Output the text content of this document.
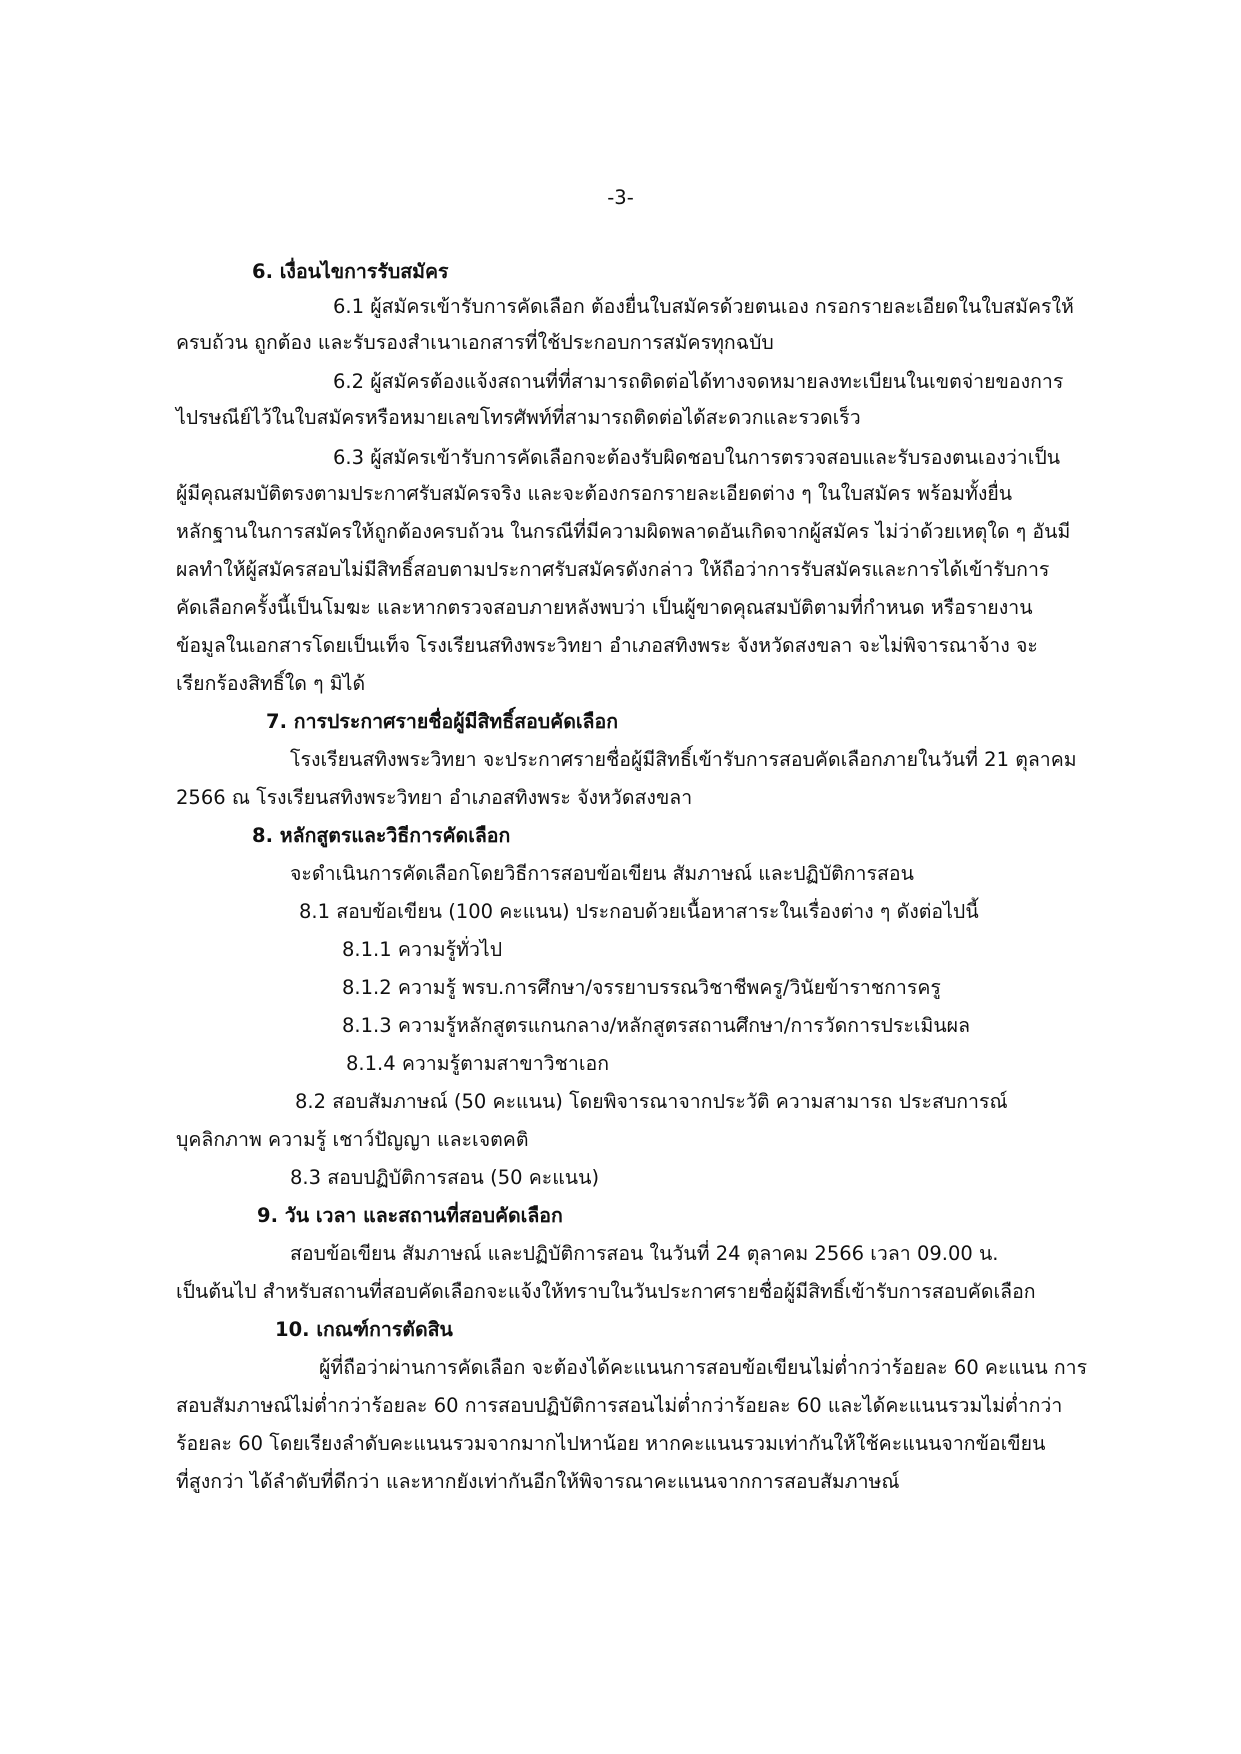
-3-
6. เงื่อนไขการรับสมัคร
6.1 ผู้สมัครเข้ารับการคัดเลือก ต้องยื่นใบสมัครด้วยตนเอง กรอกรายละเอียดในใบสมัครให้
ครบถ้วน ถูกต้อง และรับรองสำเนาเอกสารที่ใช้ประกอบการสมัครทุกฉบับ
6.2 ผู้สมัครต้องแจ้งสถานที่ที่สามารถติดต่อได้ทางจดหมายลงทะเบียนในเขตจ่ายของการ
ไปรษณีย์ไว้ในใบสมัครหรือหมายเลขโทรศัพท์ที่สามารถติดต่อได้สะดวกและรวดเร็ว
6.3 ผู้สมัครเข้ารับการคัดเลือกจะต้องรับผิดชอบในการตรวจสอบและรับรองตนเองว่าเป็น
ผู้มีคุณสมบัติตรงตามประกาศรับสมัครจริง และจะต้องกรอกรายละเอียดต่าง ๆ ในใบสมัคร พร้อมทั้งยื่น
หลักฐานในการสมัครให้ถูกต้องครบถ้วน ในกรณีที่มีความผิดพลาดอันเกิดจากผู้สมัคร ไม่ว่าด้วยเหตุใด ๆ อันมี
ผลทำให้ผู้สมัครสอบไม่มีสิทธิ์สอบตามประกาศรับสมัครดังกล่าว ให้ถือว่าการรับสมัครและการได้เข้ารับการ
คัดเลือกครั้งนี้เป็นโมฆะ และหากตรวจสอบภายหลังพบว่า เป็นผู้ขาดคุณสมบัติตามที่กำหนด หรือรายงาน
ข้อมูลในเอกสารโดยเป็นเท็จ โรงเรียนสทิงพระวิทยา อำเภอสทิงพระ จังหวัดสงขลา จะไม่พิจารณาจ้าง จะ
เรียกร้องสิทธิ์ใด ๆ มิได้
7. การประกาศรายชื่อผู้มีสิทธิ์สอบคัดเลือก
โรงเรียนสทิงพระวิทยา จะประกาศรายชื่อผู้มีสิทธิ์เข้ารับการสอบคัดเลือกภายในวันที่ 21 ตุลาคม
2566 ณ โรงเรียนสทิงพระวิทยา อำเภอสทิงพระ จังหวัดสงขลา
8. หลักสูตรและวิธีการคัดเลือก
จะดำเนินการคัดเลือกโดยวิธีการสอบข้อเขียน สัมภาษณ์ และปฏิบัติการสอน
8.1 สอบข้อเขียน (100 คะแนน) ประกอบด้วยเนื้อหาสาระในเรื่องต่าง ๆ ดังต่อไปนี้
8.1.1 ความรู้ทั่วไป
8.1.2 ความรู้ พรบ.การศึกษา/จรรยาบรรณวิชาชีพครู/วินัยข้าราชการครู
8.1.3 ความรู้หลักสูตรแกนกลาง/หลักสูตรสถานศึกษา/การวัดการประเมินผล
8.1.4 ความรู้ตามสาขาวิชาเอก
8.2 สอบสัมภาษณ์ (50 คะแนน) โดยพิจารณาจากประวัติ ความสามารถ ประสบการณ์
บุคลิกภาพ ความรู้ เชาว์ปัญญา และเจตคติ
8.3 สอบปฏิบัติการสอน (50 คะแนน)
9. วัน เวลา และสถานที่สอบคัดเลือก
สอบข้อเขียน สัมภาษณ์ และปฏิบัติการสอน ในวันที่ 24 ตุลาคม 2566 เวลา 09.00 น.
เป็นต้นไป สำหรับสถานที่สอบคัดเลือกจะแจ้งให้ทราบในวันประกาศรายชื่อผู้มีสิทธิ์เข้ารับการสอบคัดเลือก
10. เกณฑ์การตัดสิน
ผู้ที่ถือว่าผ่านการคัดเลือก จะต้องได้คะแนนการสอบข้อเขียนไม่ต่ำกว่าร้อยละ 60 คะแนน การ
สอบสัมภาษณ์ไม่ต่ำกว่าร้อยละ 60 การสอบปฏิบัติการสอนไม่ต่ำกว่าร้อยละ 60 และได้คะแนนรวมไม่ต่ำกว่า
ร้อยละ 60 โดยเรียงลำดับคะแนนรวมจากมากไปหาน้อย หากคะแนนรวมเท่ากันให้ใช้คะแนนจากข้อเขียน
ที่สูงกว่า ได้ลำดับที่ดีกว่า และหากยังเท่ากันอีกให้พิจารณาคะแนนจากการสอบสัมภาษณ์
